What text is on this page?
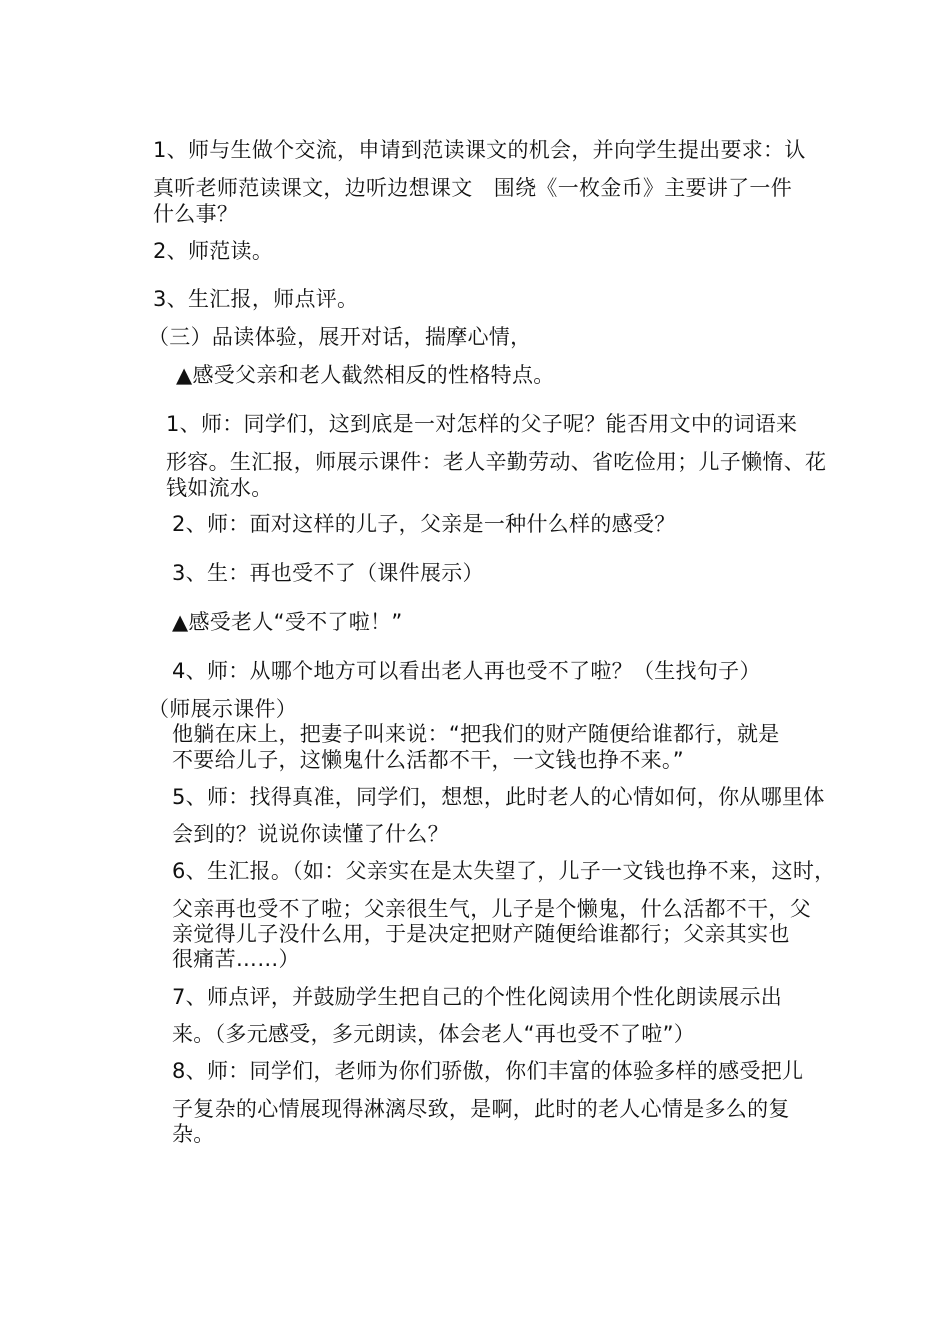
1、师与生做个交流，申请到范读课文的机会，并向学生提出要求：认
真听老师范读课文，边听边想课文　围绕《一枚金币》主要讲了一件
什么事？
2、师范读。
3、生汇报，师点评。
（三）品读体验，展开对话，揣摩心情，
▲感受父亲和老人截然相反的性格特点。
1、师：同学们，这到底是一对怎样的父子呢？能否用文中的词语来
形容。生汇报，师展示课件：老人辛勤劳动、省吃俭用；儿子懒惰、花
钱如流水。
2、师：面对这样的儿子，父亲是一种什么样的感受？
3、生：再也受不了（课件展示）
▲感受老人“受不了啦！”
4、师：从哪个地方可以看出老人再也受不了啦？（生找句子）
（师展示课件）
他躺在床上，把妻子叫来说：“把我们的财产随便给谁都行，就是
不要给儿子，这懒鬼什么活都不干，一文钱也挣不来。”
5、师：找得真准，同学们，想想，此时老人的心情如何，你从哪里体
会到的？说说你读懂了什么？
6、生汇报。（如：父亲实在是太失望了，儿子一文钱也挣不来，这时，
父亲再也受不了啦；父亲很生气，儿子是个懒鬼，什么活都不干，父
亲觉得儿子没什么用，于是决定把财产随便给谁都行；父亲其实也
很痛苦……）
7、师点评，并鼓励学生把自己的个性化阅读用个性化朗读展示出
来。（多元感受，多元朗读，体会老人“再也受不了啦”）
8、师：同学们，老师为你们骄傲，你们丰富的体验多样的感受把儿
子复杂的心情展现得淋漓尽致，是啊，此时的老人心情是多么的复
杂。
